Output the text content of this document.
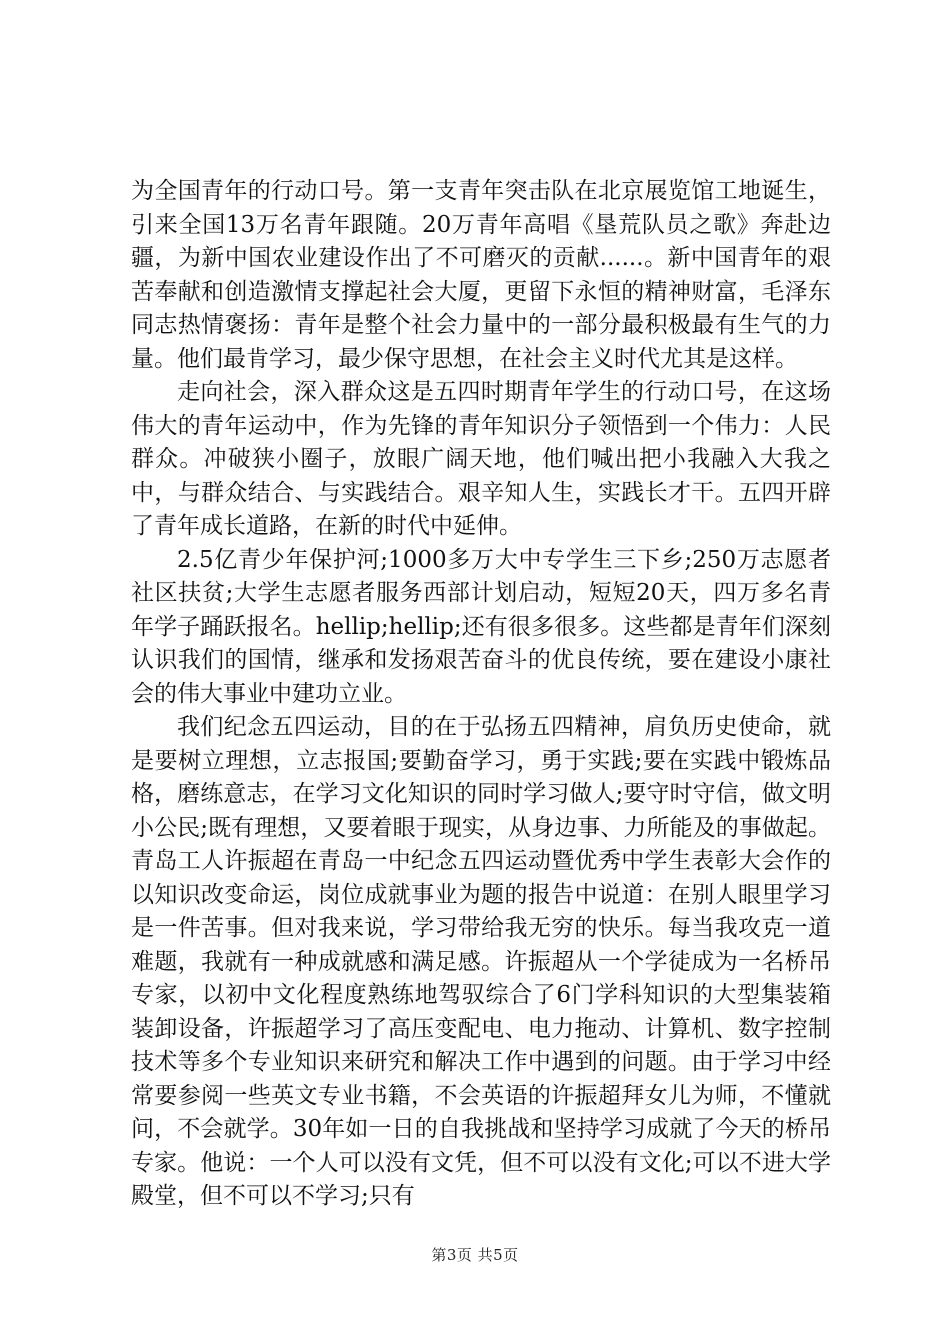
为全国青年的行动口号。第一支青年突击队在北京展览馆工地诞生，引来全国13万名青年跟随。20万青年高唱《垦荒队员之歌》奔赴边疆，为新中国农业建设作出了不可磨灭的贡献......。新中国青年的艰苦奉献和创造激情支撑起社会大厦，更留下永恒的精神财富，毛泽东同志热情褒扬：青年是整个社会力量中的一部分最积极最有生气的力量。他们最肯学习，最少保守思想，在社会主义时代尤其是这样。

走向社会，深入群众这是五四时期青年学生的行动口号，在这场伟大的青年运动中，作为先锋的青年知识分子领悟到一个伟力：人民群众。冲破狭小圈子，放眼广阔天地，他们喊出把小我融入大我之中，与群众结合、与实践结合。艰辛知人生，实践长才干。五四开辟了青年成长道路，在新的时代中延伸。

2.5亿青少年保护河;1000多万大中专学生三下乡;250万志愿者社区扶贫;大学生志愿者服务西部计划启动，短短20天，四万多名青年学子踊跃报名。hellip;hellip;还有很多很多。这些都是青年们深刻认识我们的国情，继承和发扬艰苦奋斗的优良传统，要在建设小康社会的伟大事业中建功立业。

我们纪念五四运动，目的在于弘扬五四精神，肩负历史使命，就是要树立理想，立志报国;要勤奋学习，勇于实践;要在实践中锻炼品格，磨练意志，在学习文化知识的同时学习做人;要守时守信，做文明小公民;既有理想，又要着眼于现实，从身边事、力所能及的事做起。青岛工人许振超在青岛一中纪念五四运动暨优秀中学生表彰大会作的以知识改变命运，岗位成就事业为题的报告中说道：在别人眼里学习是一件苦事。但对我来说，学习带给我无穷的快乐。每当我攻克一道难题，我就有一种成就感和满足感。许振超从一个学徒成为一名桥吊专家，以初中文化程度熟练地驾驭综合了6门学科知识的大型集装箱装卸设备，许振超学习了高压变配电、电力拖动、计算机、数字控制技术等多个专业知识来研究和解决工作中遇到的问题。由于学习中经常要参阅一些英文专业书籍，不会英语的许振超拜女儿为师，不懂就问，不会就学。30年如一日的自我挑战和坚持学习成就了今天的桥吊专家。他说：一个人可以没有文凭，但不可以没有文化;可以不进大学殿堂，但不可以不学习;只有

第3页 共5页
